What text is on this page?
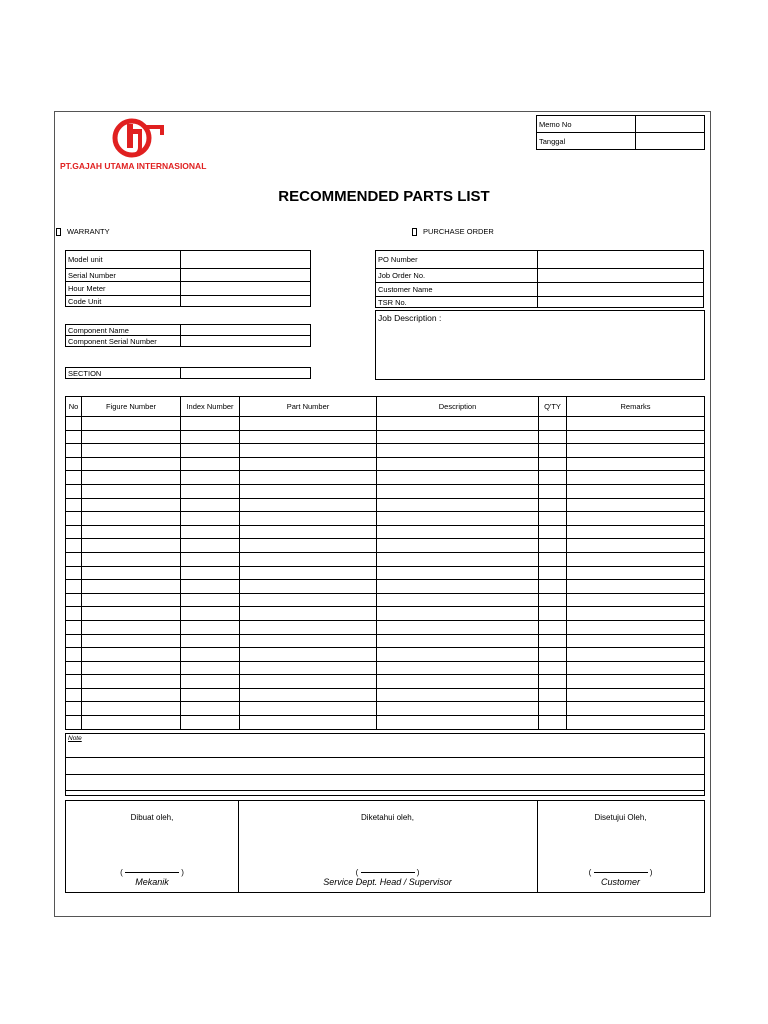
PT.GAJAH UTAMA INTERNASIONAL
Memo No	
Tanggal	
RECOMMENDED PARTS LIST
WARRANTY	PURCHASE ORDER
Model unit	
Serial Number	
Hour Meter	
Code Unit	
Component Name	
Component Serial Number	
SECTION	
PO Number	
Job Order No.	
Customer Name	
TSR No.	
Job Description :
No	Figure Number	Index Number	Part Number	Description	Q'TY	Remarks

Note
Dibuat oleh,
(	)
Mekanik
Diketahui oleh,
(	)
Service Dept. Head / Supervisor
Disetujui Oleh,
(	)
Customer
